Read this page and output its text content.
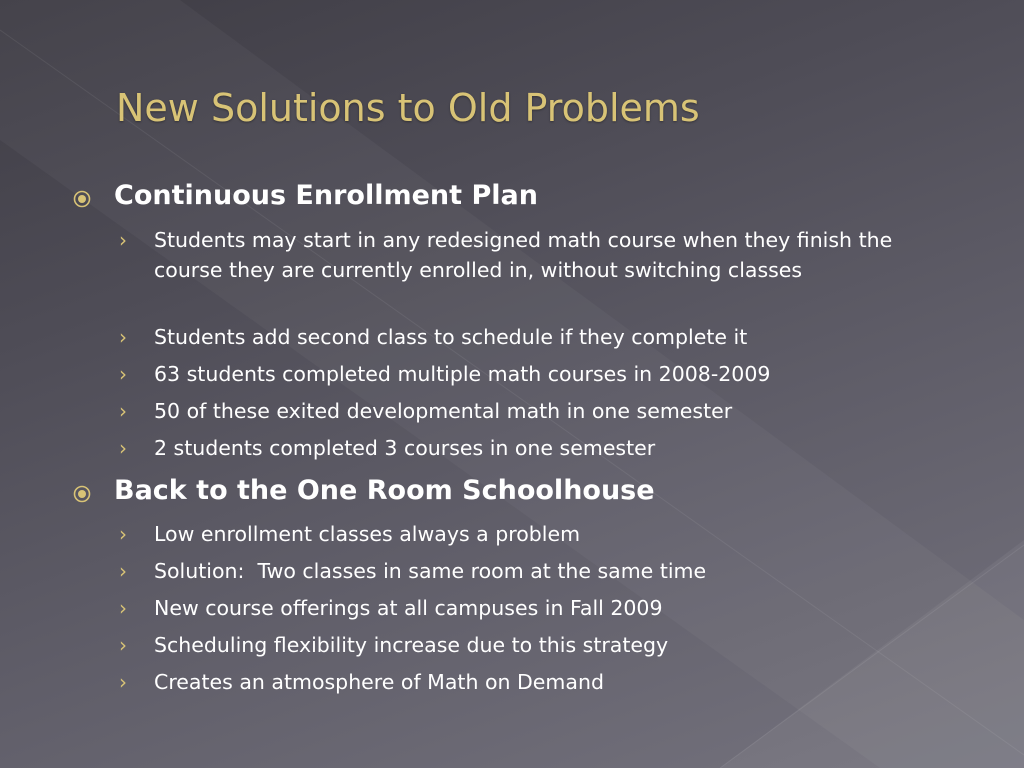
New Solutions to Old Problems
Continuous Enrollment Plan
› Students may start in any redesigned math course when they finish the course they are currently enrolled in, without switching classes
› Students add second class to schedule if they complete it
› 63 students completed multiple math courses in 2008-2009
› 50 of these exited developmental math in one semester
› 2 students completed 3 courses in one semester
Back to the One Room Schoolhouse
› Low enrollment classes always a problem
› Solution:  Two classes in same room at the same time
› New course offerings at all campuses in Fall 2009
› Scheduling flexibility increase due to this strategy
› Creates an atmosphere of Math on Demand
